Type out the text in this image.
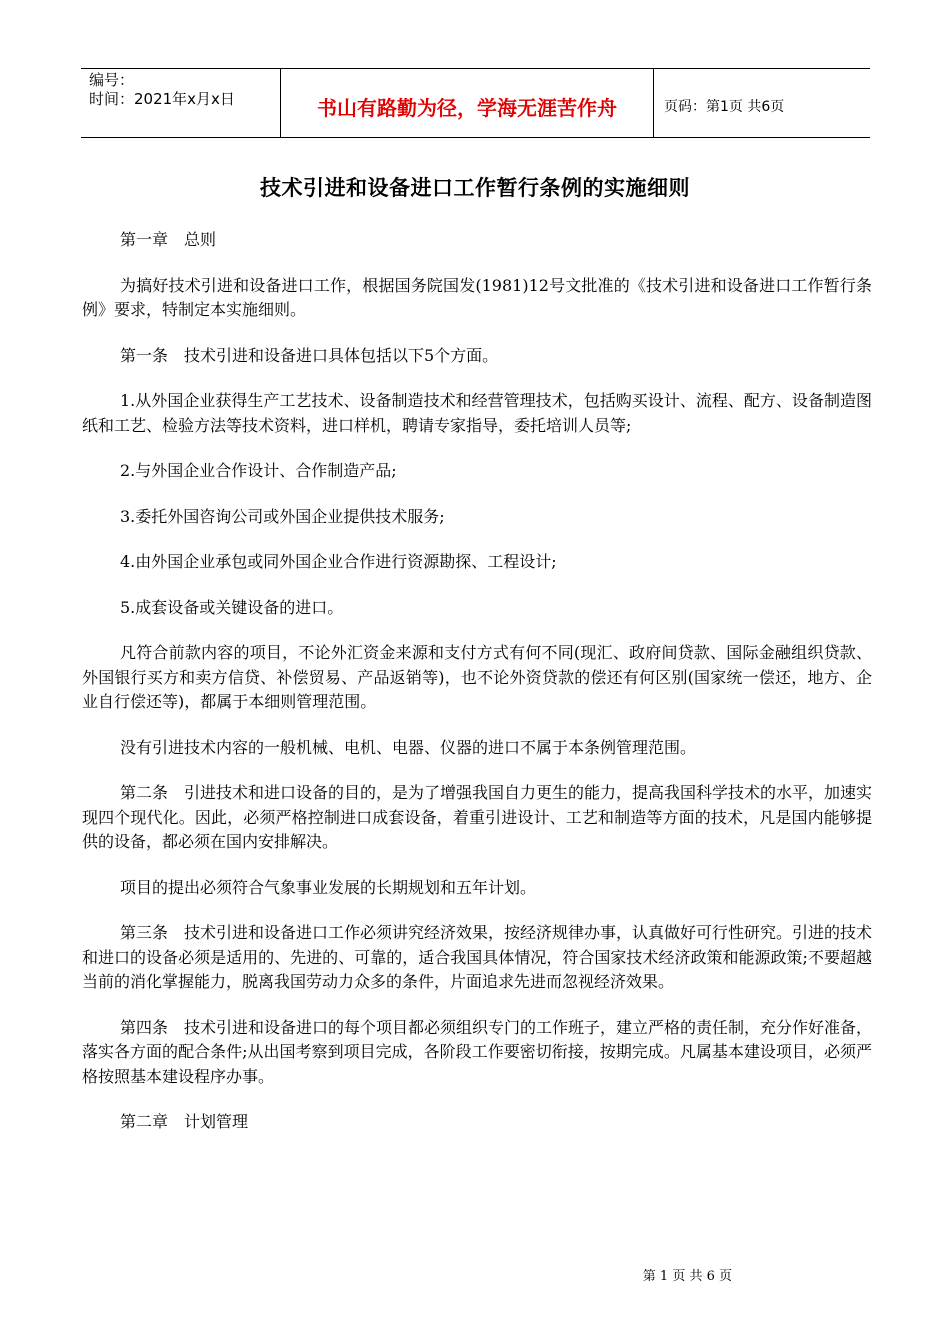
编号：
时间：2021年x月x日	书山有路勤为径，学海无涯苦作舟	页码：第1页 共6页
技术引进和设备进口工作暂行条例的实施细则

第一章　总则

为搞好技术引进和设备进口工作，根据国务院国发(1981)12号文批准的《技术引进和设备进口工作暂行条例》要求，特制定本实施细则。

第一条　技术引进和设备进口具体包括以下5个方面。

1.从外国企业获得生产工艺技术、设备制造技术和经营管理技术，包括购买设计、流程、配方、设备制造图纸和工艺、检验方法等技术资料，进口样机，聘请专家指导，委托培训人员等;

2.与外国企业合作设计、合作制造产品;

3.委托外国咨询公司或外国企业提供技术服务;

4.由外国企业承包或同外国企业合作进行资源勘探、工程设计;

5.成套设备或关键设备的进口。

凡符合前款内容的项目，不论外汇资金来源和支付方式有何不同(现汇、政府间贷款、国际金融组织贷款、外国银行买方和卖方信贷、补偿贸易、产品返销等)，也不论外资贷款的偿还有何区别(国家统一偿还，地方、企业自行偿还等)，都属于本细则管理范围。

没有引进技术内容的一般机械、电机、电器、仪器的进口不属于本条例管理范围。

第二条　引进技术和进口设备的目的，是为了增强我国自力更生的能力，提高我国科学技术的水平，加速实现四个现代化。因此，必须严格控制进口成套设备，着重引进设计、工艺和制造等方面的技术，凡是国内能够提供的设备，都必须在国内安排解决。

项目的提出必须符合气象事业发展的长期规划和五年计划。

第三条　技术引进和设备进口工作必须讲究经济效果，按经济规律办事，认真做好可行性研究。引进的技术和进口的设备必须是适用的、先进的、可靠的，适合我国具体情况，符合国家技术经济政策和能源政策;不要超越当前的消化掌握能力，脱离我国劳动力众多的条件，片面追求先进而忽视经济效果。

第四条　技术引进和设备进口的每个项目都必须组织专门的工作班子，建立严格的责任制，充分作好准备，落实各方面的配合条件;从出国考察到项目完成，各阶段工作要密切衔接，按期完成。凡属基本建设项目，必须严格按照基本建设程序办事。

第二章　计划管理

第 1 页 共 6 页
